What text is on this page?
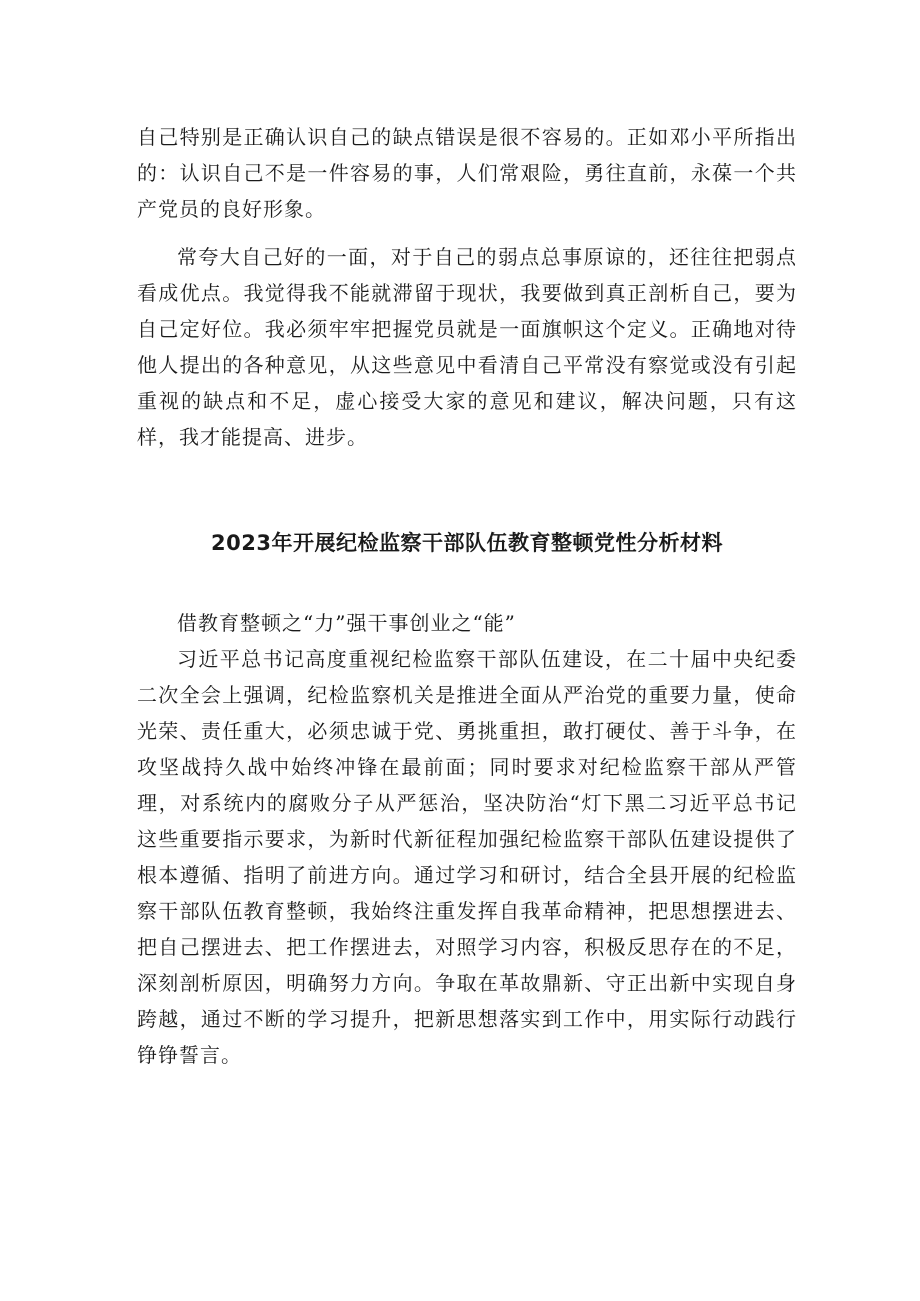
自己特别是正确认识自己的缺点错误是很不容易的。正如邓小平所指出的：认识自己不是一件容易的事，人们常艰险，勇往直前，永葆一个共产党员的良好形象。

常夸大自己好的一面，对于自己的弱点总事原谅的，还往往把弱点看成优点。我觉得我不能就滞留于现状，我要做到真正剖析自己，要为自己定好位。我必须牢牢把握党员就是一面旗帜这个定义。正确地对待他人提出的各种意见，从这些意见中看清自己平常没有察觉或没有引起重视的缺点和不足，虚心接受大家的意见和建议，解决问题，只有这样，我才能提高、进步。

2023年开展纪检监察干部队伍教育整顿党性分析材料

借教育整顿之“力”强干事创业之“能”

习近平总书记高度重视纪检监察干部队伍建设，在二十届中央纪委二次全会上强调，纪检监察机关是推进全面从严治党的重要力量，使命光荣、责任重大，必须忠诚于党、勇挑重担，敢打硬仗、善于斗争，在攻坚战持久战中始终冲锋在最前面；同时要求对纪检监察干部从严管理，对系统内的腐败分子从严惩治，坚决防治“灯下黑二习近平总书记这些重要指示要求，为新时代新征程加强纪检监察干部队伍建设提供了根本遵循、指明了前进方向。通过学习和研讨，结合全县开展的纪检监察干部队伍教育整顿，我始终注重发挥自我革命精神，把思想摆进去、把自己摆进去、把工作摆进去，对照学习内容，积极反思存在的不足，深刻剖析原因，明确努力方向。争取在革故鼎新、守正出新中实现自身跨越，通过不断的学习提升，把新思想落实到工作中，用实际行动践行铮铮誓言。
